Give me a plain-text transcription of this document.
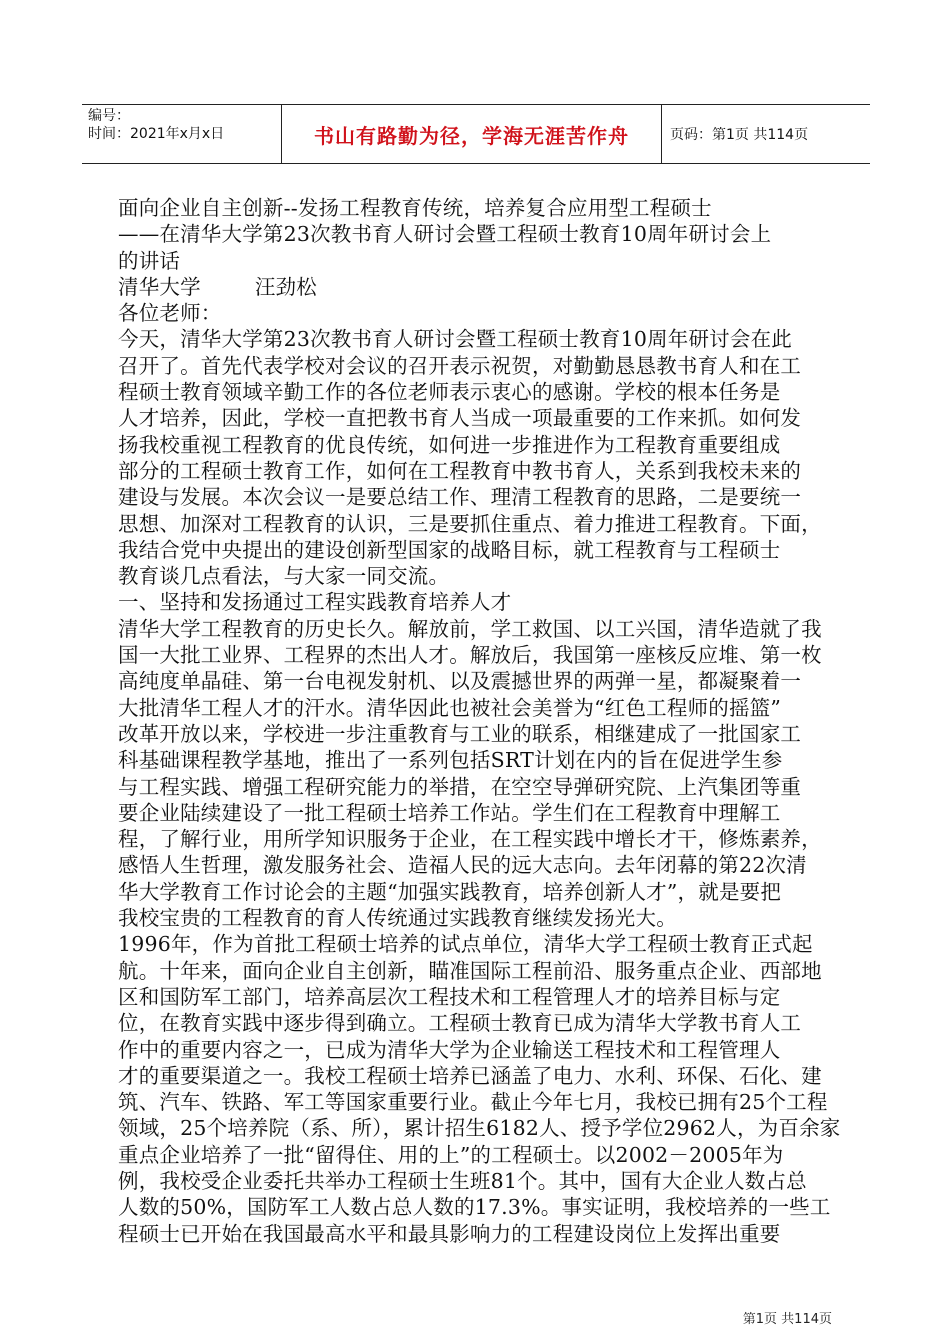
编号：
时间：2021年x月x日	书山有路勤为径，学海无涯苦作舟	页码：第1页 共114页
面向企业自主创新--发扬工程教育传统，培养复合应用型工程硕士
——在清华大学第23次教书育人研讨会暨工程硕士教育10周年研讨会上
的讲话
清华大学	汪劲松
各位老师：
今天，清华大学第23次教书育人研讨会暨工程硕士教育10周年研讨会在此
召开了。首先代表学校对会议的召开表示祝贺，对勤勤恳恳教书育人和在工
程硕士教育领域辛勤工作的各位老师表示衷心的感谢。学校的根本任务是
人才培养，因此，学校一直把教书育人当成一项最重要的工作来抓。如何发
扬我校重视工程教育的优良传统，如何进一步推进作为工程教育重要组成
部分的工程硕士教育工作，如何在工程教育中教书育人，关系到我校未来的
建设与发展。本次会议一是要总结工作、理清工程教育的思路，二是要统一
思想、加深对工程教育的认识，三是要抓住重点、着力推进工程教育。下面，
我结合党中央提出的建设创新型国家的战略目标，就工程教育与工程硕士
教育谈几点看法，与大家一同交流。
一、坚持和发扬通过工程实践教育培养人才
清华大学工程教育的历史长久。解放前，学工救国、以工兴国，清华造就了我
国一大批工业界、工程界的杰出人才。解放后，我国第一座核反应堆、第一枚
高纯度单晶硅、第一台电视发射机、以及震撼世界的两弹一星，都凝聚着一
大批清华工程人才的汗水。清华因此也被社会美誉为“红色工程师的摇篮”
改革开放以来，学校进一步注重教育与工业的联系，相继建成了一批国家工
科基础课程教学基地，推出了一系列包括SRT计划在内的旨在促进学生参
与工程实践、增强工程研究能力的举措，在空空导弹研究院、上汽集团等重
要企业陆续建设了一批工程硕士培养工作站。学生们在工程教育中理解工
程，了解行业，用所学知识服务于企业，在工程实践中增长才干，修炼素养，
感悟人生哲理，激发服务社会、造福人民的远大志向。去年闭幕的第22次清
华大学教育工作讨论会的主题“加强实践教育，培养创新人才”，就是要把
我校宝贵的工程教育的育人传统通过实践教育继续发扬光大。
1996年，作为首批工程硕士培养的试点单位，清华大学工程硕士教育正式起
航。十年来，面向企业自主创新，瞄准国际工程前沿、服务重点企业、西部地
区和国防军工部门，培养高层次工程技术和工程管理人才的培养目标与定
位，在教育实践中逐步得到确立。工程硕士教育已成为清华大学教书育人工
作中的重要内容之一，已成为清华大学为企业输送工程技术和工程管理人
才的重要渠道之一。我校工程硕士培养已涵盖了电力、水利、环保、石化、建
筑、汽车、铁路、军工等国家重要行业。截止今年七月，我校已拥有25个工程
领域，25个培养院（系、所），累计招生6182人、授予学位2962人，为百余家
重点企业培养了一批“留得住、用的上”的工程硕士。以2002－2005年为
例，我校受企业委托共举办工程硕士生班81个。其中，国有大企业人数占总
人数的50%，国防军工人数占总人数的17.3%。事实证明，我校培养的一些工
程硕士已开始在我国最高水平和最具影响力的工程建设岗位上发挥出重要
第1页 共114页
